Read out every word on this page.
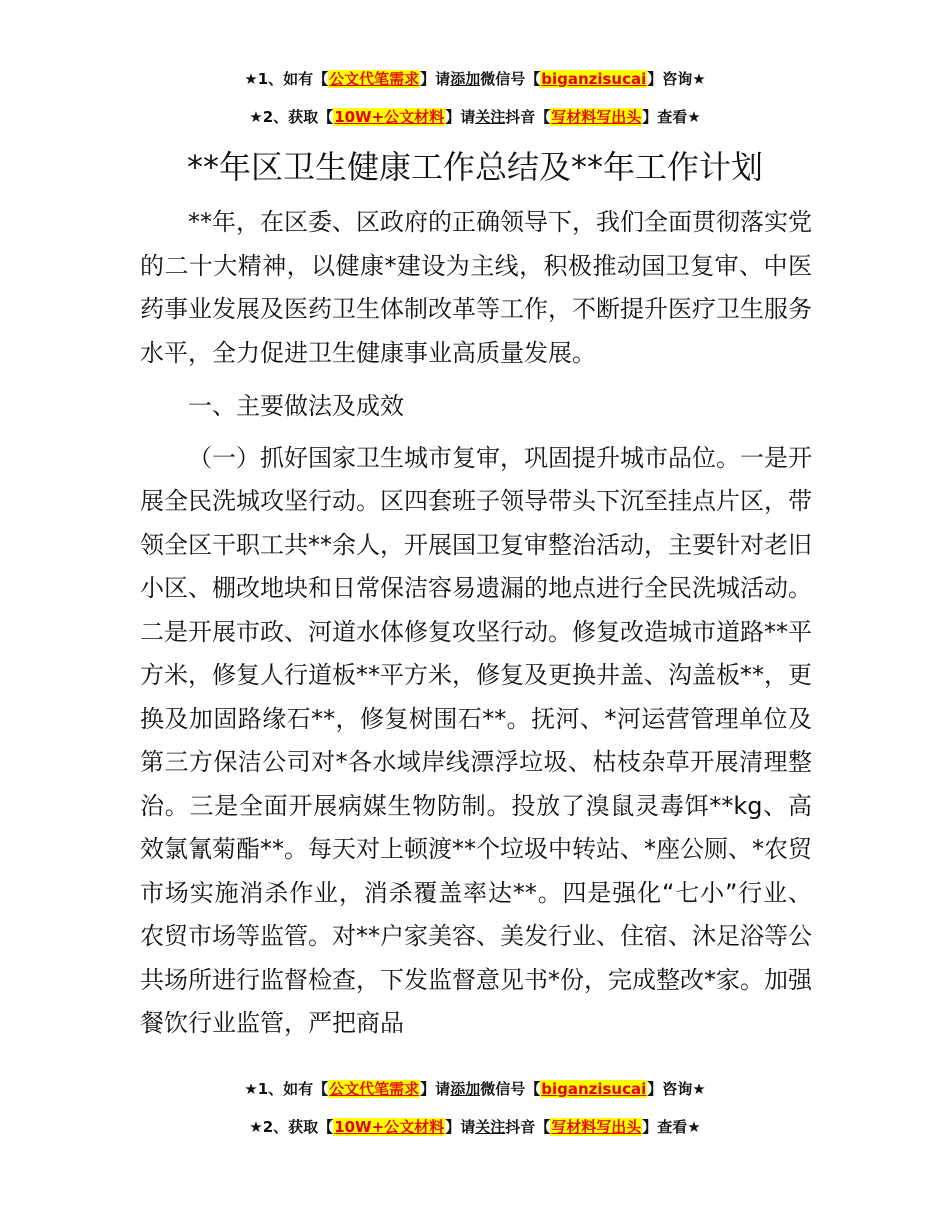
★1、如有【公文代笔需求】请添加微信号【biganzisucai】咨询★
★2、获取【10W+公文材料】请关注抖音【写材料写出头】查看★
**年区卫生健康工作总结及**年工作计划

**年，在区委、区政府的正确领导下，我们全面贯彻落实党的二十大精神，以健康*建设为主线，积极推动国卫复审、中医药事业发展及医药卫生体制改革等工作，不断提升医疗卫生服务水平，全力促进卫生健康事业高质量发展。

一、主要做法及成效

（一）抓好国家卫生城市复审，巩固提升城市品位。一是开展全民洗城攻坚行动。区四套班子领导带头下沉至挂点片区，带领全区干职工共**余人，开展国卫复审整治活动，主要针对老旧小区、棚改地块和日常保洁容易遗漏的地点进行全民洗城活动。二是开展市政、河道水体修复攻坚行动。修复改造城市道路**平方米，修复人行道板**平方米，修复及更换井盖、沟盖板**，更换及加固路缘石**，修复树围石**。抚河、*河运营管理单位及第三方保洁公司对*各水域岸线漂浮垃圾、枯枝杂草开展清理整治。三是全面开展病媒生物防制。投放了溴鼠灵毒饵**kg、高效氯氰菊酯**。每天对上顿渡**个垃圾中转站、*座公厕、*农贸市场实施消杀作业，消杀覆盖率达**。四是强化“七小”行业、农贸市场等监管。对**户家美容、美发行业、住宿、沐足浴等公共场所进行监督检查，下发监督意见书*份，完成整改*家。加强餐饮行业监管，严把商品

★1、如有【公文代笔需求】请添加微信号【biganzisucai】咨询★
★2、获取【10W+公文材料】请关注抖音【写材料写出头】查看★
